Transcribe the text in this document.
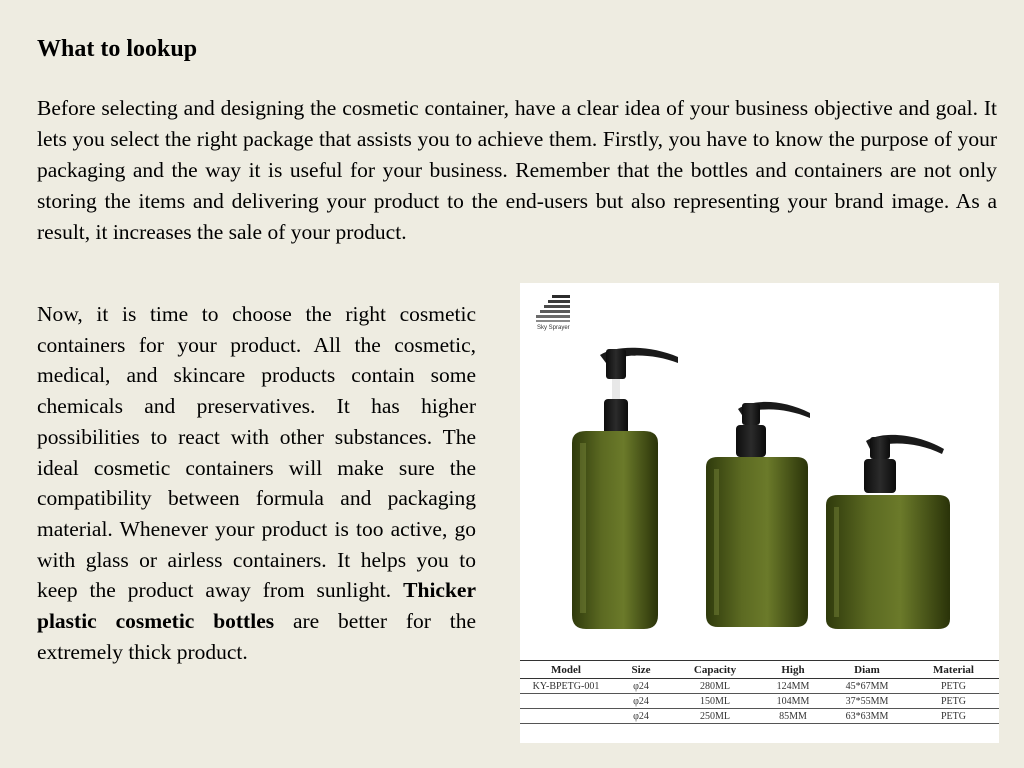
What to lookup

Before selecting and designing the cosmetic container, have a clear idea of your business objective and goal. It lets you select the right package that assists you to achieve them. Firstly, you have to know the purpose of your packaging and the way it is useful for your business. Remember that the bottles and containers are not only storing the items and delivering your product to the end-users but also representing your brand image. As a result, it increases the sale of your product.

Now, it is time to choose the right cosmetic containers for your product. All the cosmetic, medical, and skincare products contain some chemicals and preservatives. It has higher possibilities to react with other substances. The ideal cosmetic containers will make sure the compatibility between formula and packaging material. Whenever your product is too active, go with glass or airless containers. It helps you to keep the product away from sunlight. Thicker plastic cosmetic bottles are better for the extremely thick product.

Sky Sprayer
Model	Size	Capacity	High	Diam	Material
KY-BPETG-001	φ24	280ML	124MM	45*67MM	PETG
	φ24	150ML	104MM	37*55MM	PETG
	φ24	250ML	85MM	63*63MM	PETG
